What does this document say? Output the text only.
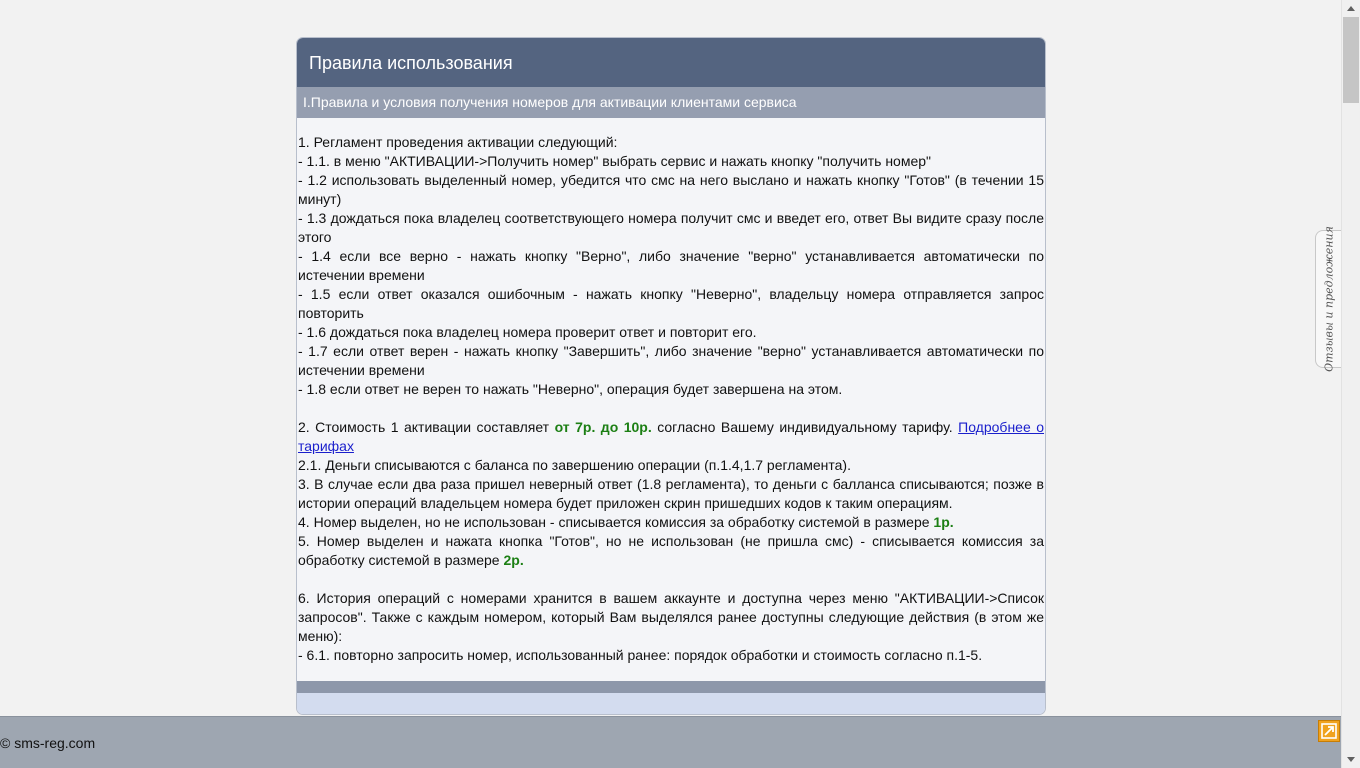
Правила использования
I.Правила и условия получения номеров для активации клиентами сервиса

1. Регламент проведения активации следующий:

- 1.1. в меню "АКТИВАЦИИ->Получить номер" выбрать сервис и нажать кнопку "получить номер"

- 1.2 использовать выделенный номер, убедится что смс на него выслано и нажать кнопку "Готов" (в течении 15 минут)

- 1.3 дождаться пока владелец соответствующего номера получит смс и введет его, ответ Вы видите сразу после этого

- 1.4 если все верно - нажать кнопку "Верно", либо значение "верно" устанавливается автоматически по истечении времени

- 1.5 если ответ оказался ошибочным - нажать кнопку "Неверно", владельцу номера отправляется запрос повторить

- 1.6 дождаться пока владелец номера проверит ответ и повторит его.

- 1.7 если ответ верен - нажать кнопку "Завершить", либо значение "верно" устанавливается автоматически по истечении времени

- 1.8 если ответ не верен то нажать "Неверно", операция будет завершена на этом.

2. Стоимость 1 активации составляет от 7р. до 10р. согласно Вашему индивидуальному тарифу. Подробнее о тарифах

2.1. Деньги списываются с баланса по завершению операции (п.1.4,1.7 регламента).

3. В случае если два раза пришел неверный ответ (1.8 регламента), то деньги с балланса списываются; позже в истории операций владельцем номера будет приложен скрин пришедших кодов к таким операциям.

4. Номер выделен, но не использован - списывается комиссия за обработку системой в размере 1р.

5. Номер выделен и нажата кнопка "Готов", но не использован (не пришла смс) - списывается комиссия за обработку системой в размере 2р.

6. История операций с номерами хранится в вашем аккаунте и доступна через меню "АКТИВАЦИИ->Список запросов". Также с каждым номером, который Вам выделялся ранее доступны следующие действия (в этом же меню):

- 6.1. повторно запросить номер, использованный ранее: порядок обработки и стоимость согласно п.1-5.

Отзывы и предложения
© sms-reg.com
